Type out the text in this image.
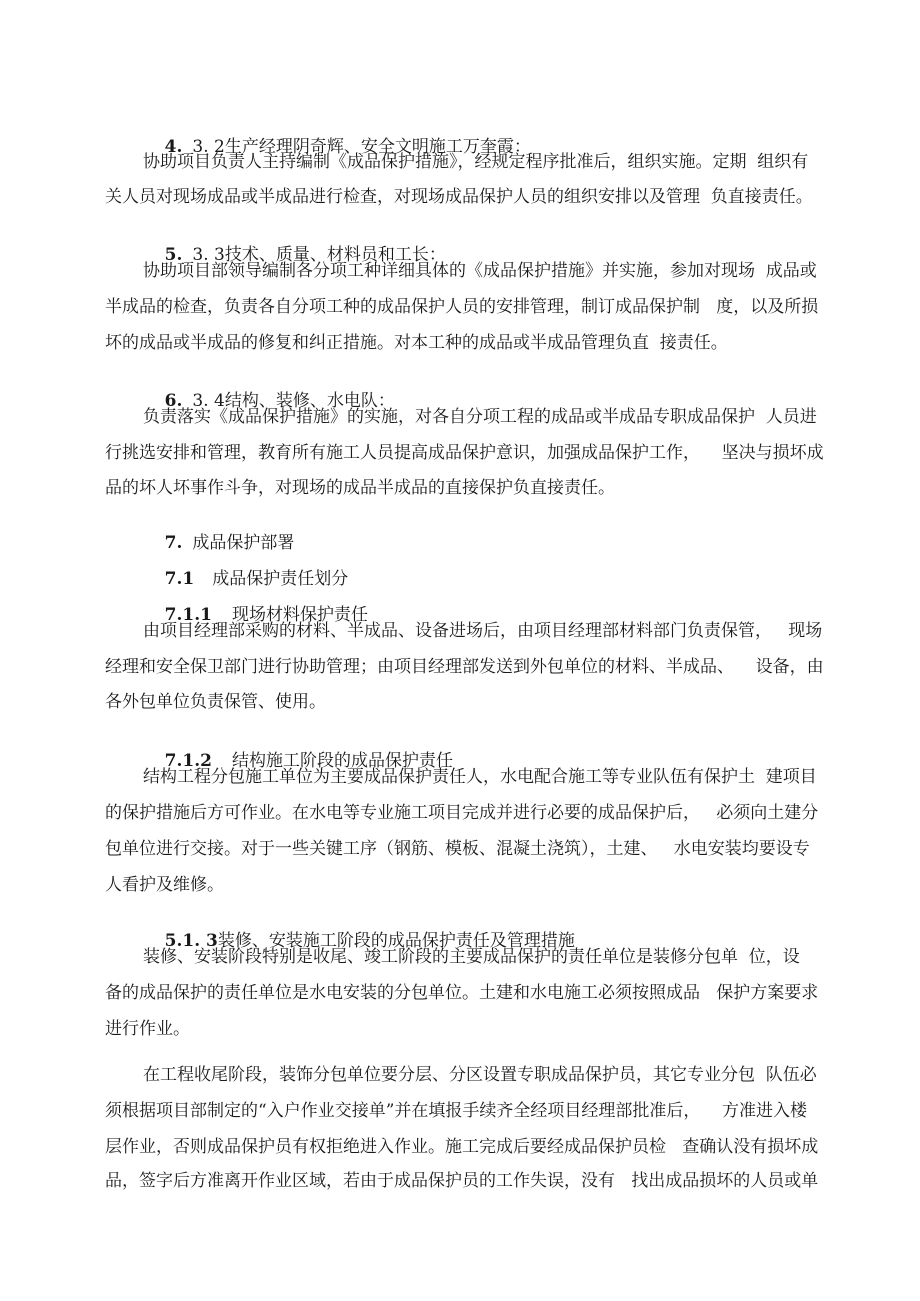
4. 3. 2生产经理阴奇辉、安全文明施工万奎霞：

协助项目负责人主持编制《成品保护措施》，经规定程序批准后，组织实施。定期  组织有
关人员对现场成品或半成品进行检查，对现场成品保护人员的组织安排以及管理  负直接责任。

5. 3. 3技术、质量、材料员和工长：

协助项目部领导编制各分项工种详细具体的《成品保护措施》并实施，参加对现场  成品或
半成品的检查，负责各自分项工种的成品保护人员的安排管理，制订成品保护制   度，以及所损
坏的成品或半成品的修复和纠正措施。对本工种的成品或半成品管理负直  接责任。

6. 3. 4结构、装修、水电队：

负责落实《成品保护措施》的实施，对各自分项工程的成品或半成品专职成品保护  人员进
行挑选安排和管理，教育所有施工人员提高成品保护意识，加强成品保护工作，    坚决与损坏成
品的坏人坏事作斗争，对现场的成品半成品的直接保护负直接责任。

7. 成品保护部署

7.1 成品保护责任划分

7.1.1 现场材料保护责任

由项目经理部采购的材料、半成品、设备进场后，由项目经理部材料部门负责保管，   现场
经理和安全保卫部门进行协助管理；由项目经理部发送到外包单位的材料、半成品、    设备，由
各外包单位负责保管、使用。

7.1.2 结构施工阶段的成品保护责任

结构工程分包施工单位为主要成品保护责任人，水电配合施工等专业队伍有保护土  建项目
的保护措施后方可作业。在水电等专业施工项目完成并进行必要的成品保护后，   必须向土建分
包单位进行交接。对于一些关键工序（钢筋、模板、混凝土浇筑），土建、   水电安装均要设专
人看护及维修。

5.1. 3装修、安装施工阶段的成品保护责任及管理措施

装修、安装阶段特别是收尾、竣工阶段的主要成品保护的责任单位是装修分包单  位，设
备的成品保护的责任单位是水电安装的分包单位。土建和水电施工必须按照成品   保护方案要求
进行作业。
在工程收尾阶段，装饰分包单位要分层、分区设置专职成品保护员，其它专业分包  队伍必
须根据项目部制定的“入户作业交接单”并在填报手续齐全经项目经理部批准后，    方准进入楼
层作业，否则成品保护员有权拒绝进入作业。施工完成后要经成品保护员检   查确认没有损坏成
品，签字后方准离开作业区域，若由于成品保护员的工作失误，没有   找出成品损坏的人员或单
